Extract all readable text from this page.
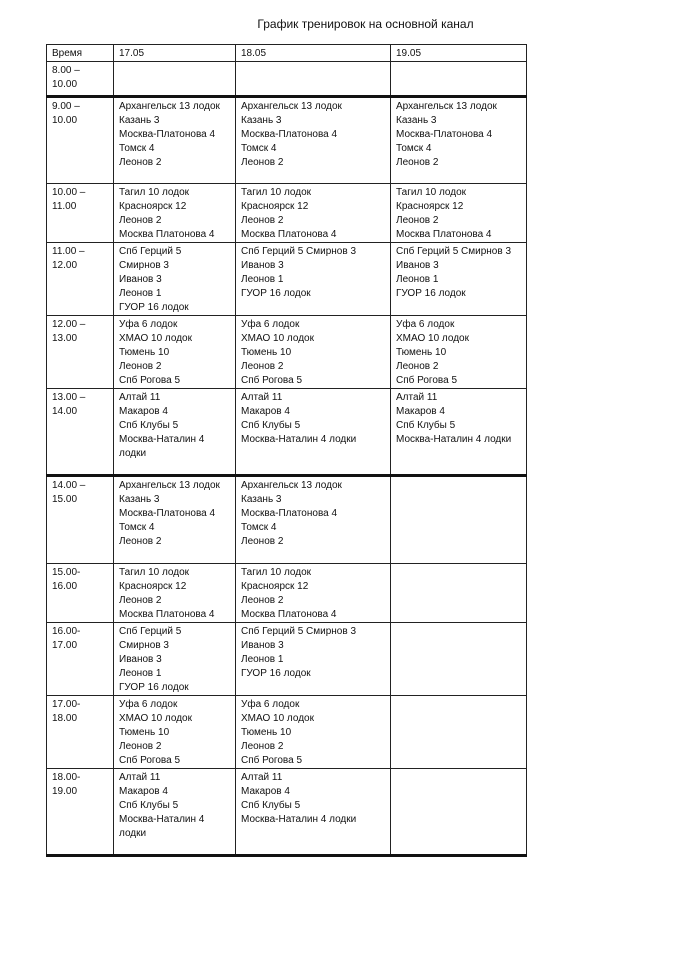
График тренировок на основной канал
Время	17.05	18.05	19.05

8.00 –
10.00			

9.00 –
10.00	Архангельск 13 лодок
Казань 3
Москва-Платонова 4
Томск 4
Леонов 2	Архангельск 13 лодок
Казань 3
Москва-Платонова 4
Томск 4
Леонов 2	Архангельск 13 лодок
Казань 3
Москва-Платонова 4
Томск 4
Леонов 2

10.00 –
11.00	Тагил 10 лодок
Красноярск 12
Леонов 2
Москва Платонова 4	Тагил 10 лодок
Красноярск 12
Леонов 2
Москва Платонова 4	Тагил 10 лодок
Красноярск 12
Леонов 2
Москва Платонова 4

11.00 –
12.00	Спб Герций 5
Смирнов 3
Иванов 3
Леонов 1
ГУОР 16 лодок	Спб Герций 5 Смирнов 3
Иванов 3
Леонов 1
ГУОР 16 лодок	Спб Герций 5 Смирнов 3
Иванов 3
Леонов 1
ГУОР 16 лодок

12.00 –
13.00	Уфа 6 лодок
ХМАО 10 лодок
Тюмень 10
Леонов 2
Спб Рогова 5	Уфа 6 лодок
ХМАО 10 лодок
Тюмень 10
Леонов 2
Спб Рогова 5	Уфа 6 лодок
ХМАО 10 лодок
Тюмень 10
Леонов 2
Спб Рогова 5

13.00 –
14.00	Алтай 11
Макаров 4
Спб Клубы 5
Москва-Наталин 4
лодки	Алтай 11
Макаров 4
Спб Клубы 5
Москва-Наталин 4 лодки	Алтай 11
Макаров 4
Спб Клубы 5
Москва-Наталин 4 лодки

14.00 –
15.00	Архангельск 13 лодок
Казань 3
Москва-Платонова 4
Томск 4
Леонов 2	Архангельск 13 лодок
Казань 3
Москва-Платонова 4
Томск 4
Леонов 2	

15.00-
16.00	Тагил 10 лодок
Красноярск 12
Леонов 2
Москва Платонова 4	Тагил 10 лодок
Красноярск 12
Леонов 2
Москва Платонова 4	

16.00-
17.00	Спб Герций 5
Смирнов 3
Иванов 3
Леонов 1
ГУОР 16 лодок	Спб Герций 5 Смирнов 3
Иванов 3
Леонов 1
ГУОР 16 лодок	

17.00-
18.00	Уфа 6 лодок
ХМАО 10 лодок
Тюмень 10
Леонов 2
Спб Рогова 5	Уфа 6 лодок
ХМАО 10 лодок
Тюмень 10
Леонов 2
Спб Рогова 5	

18.00-
19.00	Алтай 11
Макаров 4
Спб Клубы 5
Москва-Наталин 4
лодки	Алтай 11
Макаров 4
Спб Клубы 5
Москва-Наталин 4 лодки	
